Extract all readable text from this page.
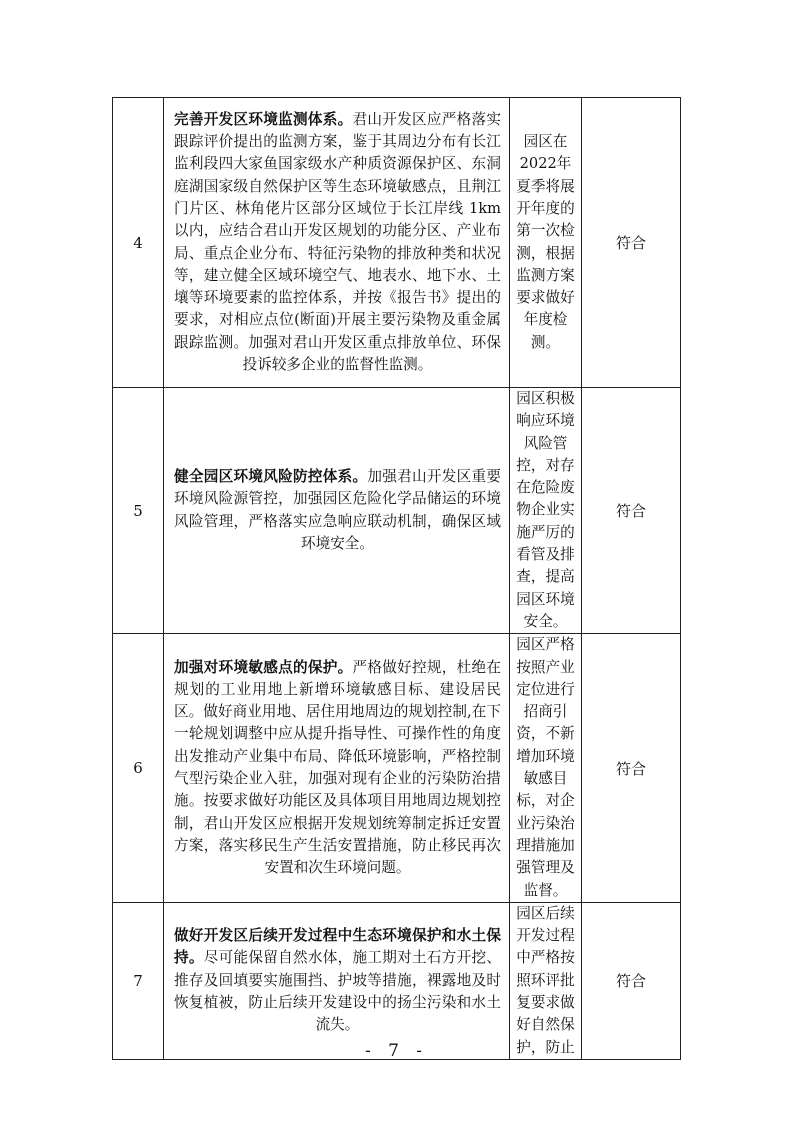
4	完善开发区环境监测体系。君山开发区应严格落实跟踪评价提出的监测方案，鉴于其周边分布有长江监利段四大家鱼国家级水产种质资源保护区、东洞庭湖国家级自然保护区等生态环境敏感点，且荆江门片区、林角佬片区部分区域位于长江岸线 1km 以内，应结合君山开发区规划的功能分区、产业布局、重点企业分布、特征污染物的排放种类和状况等，建立健全区域环境空气、地表水、地下水、土壤等环境要素的监控体系，并按《报告书》提出的要求，对相应点位(断面)开展主要污染物及重金属跟踪监测。加强对君山开发区重点排放单位、环保投诉较多企业的监督性监测。	园区在2022年夏季将展开年度的第一次检测，根据监测方案要求做好年度检测。	符合
5	健全园区环境风险防控体系。加强君山开发区重要环境风险源管控，加强园区危险化学品储运的环境风险管理，严格落实应急响应联动机制，确保区域环境安全。	园区积极响应环境风险管控，对存在危险废物企业实施严厉的看管及排查，提高园区环境安全。	符合
6	加强对环境敏感点的保护。严格做好控规，杜绝在规划的工业用地上新增环境敏感目标、建设居民区。做好商业用地、居住用地周边的规划控制,在下一轮规划调整中应从提升指导性、可操作性的角度出发推动产业集中布局、降低环境影响，严格控制气型污染企业入驻，加强对现有企业的污染防治措施。按要求做好功能区及具体项目用地周边规划控制，君山开发区应根据开发规划统筹制定拆迁安置方案，落实移民生产生活安置措施，防止移民再次安置和次生环境问题。	园区严格按照产业定位进行招商引资，不新增加环境敏感目标，对企业污染治理措施加强管理及监督。	符合
7	做好开发区后续开发过程中生态环境保护和水土保持。尽可能保留自然水体，施工期对土石方开挖、推存及回填要实施围挡、护坡等措施，裸露地及时恢复植被，防止后续开发建设中的扬尘污染和水土流失。	园区后续开发过程中严格按照环评批复要求做好自然保护，防止	符合
- 7 -
